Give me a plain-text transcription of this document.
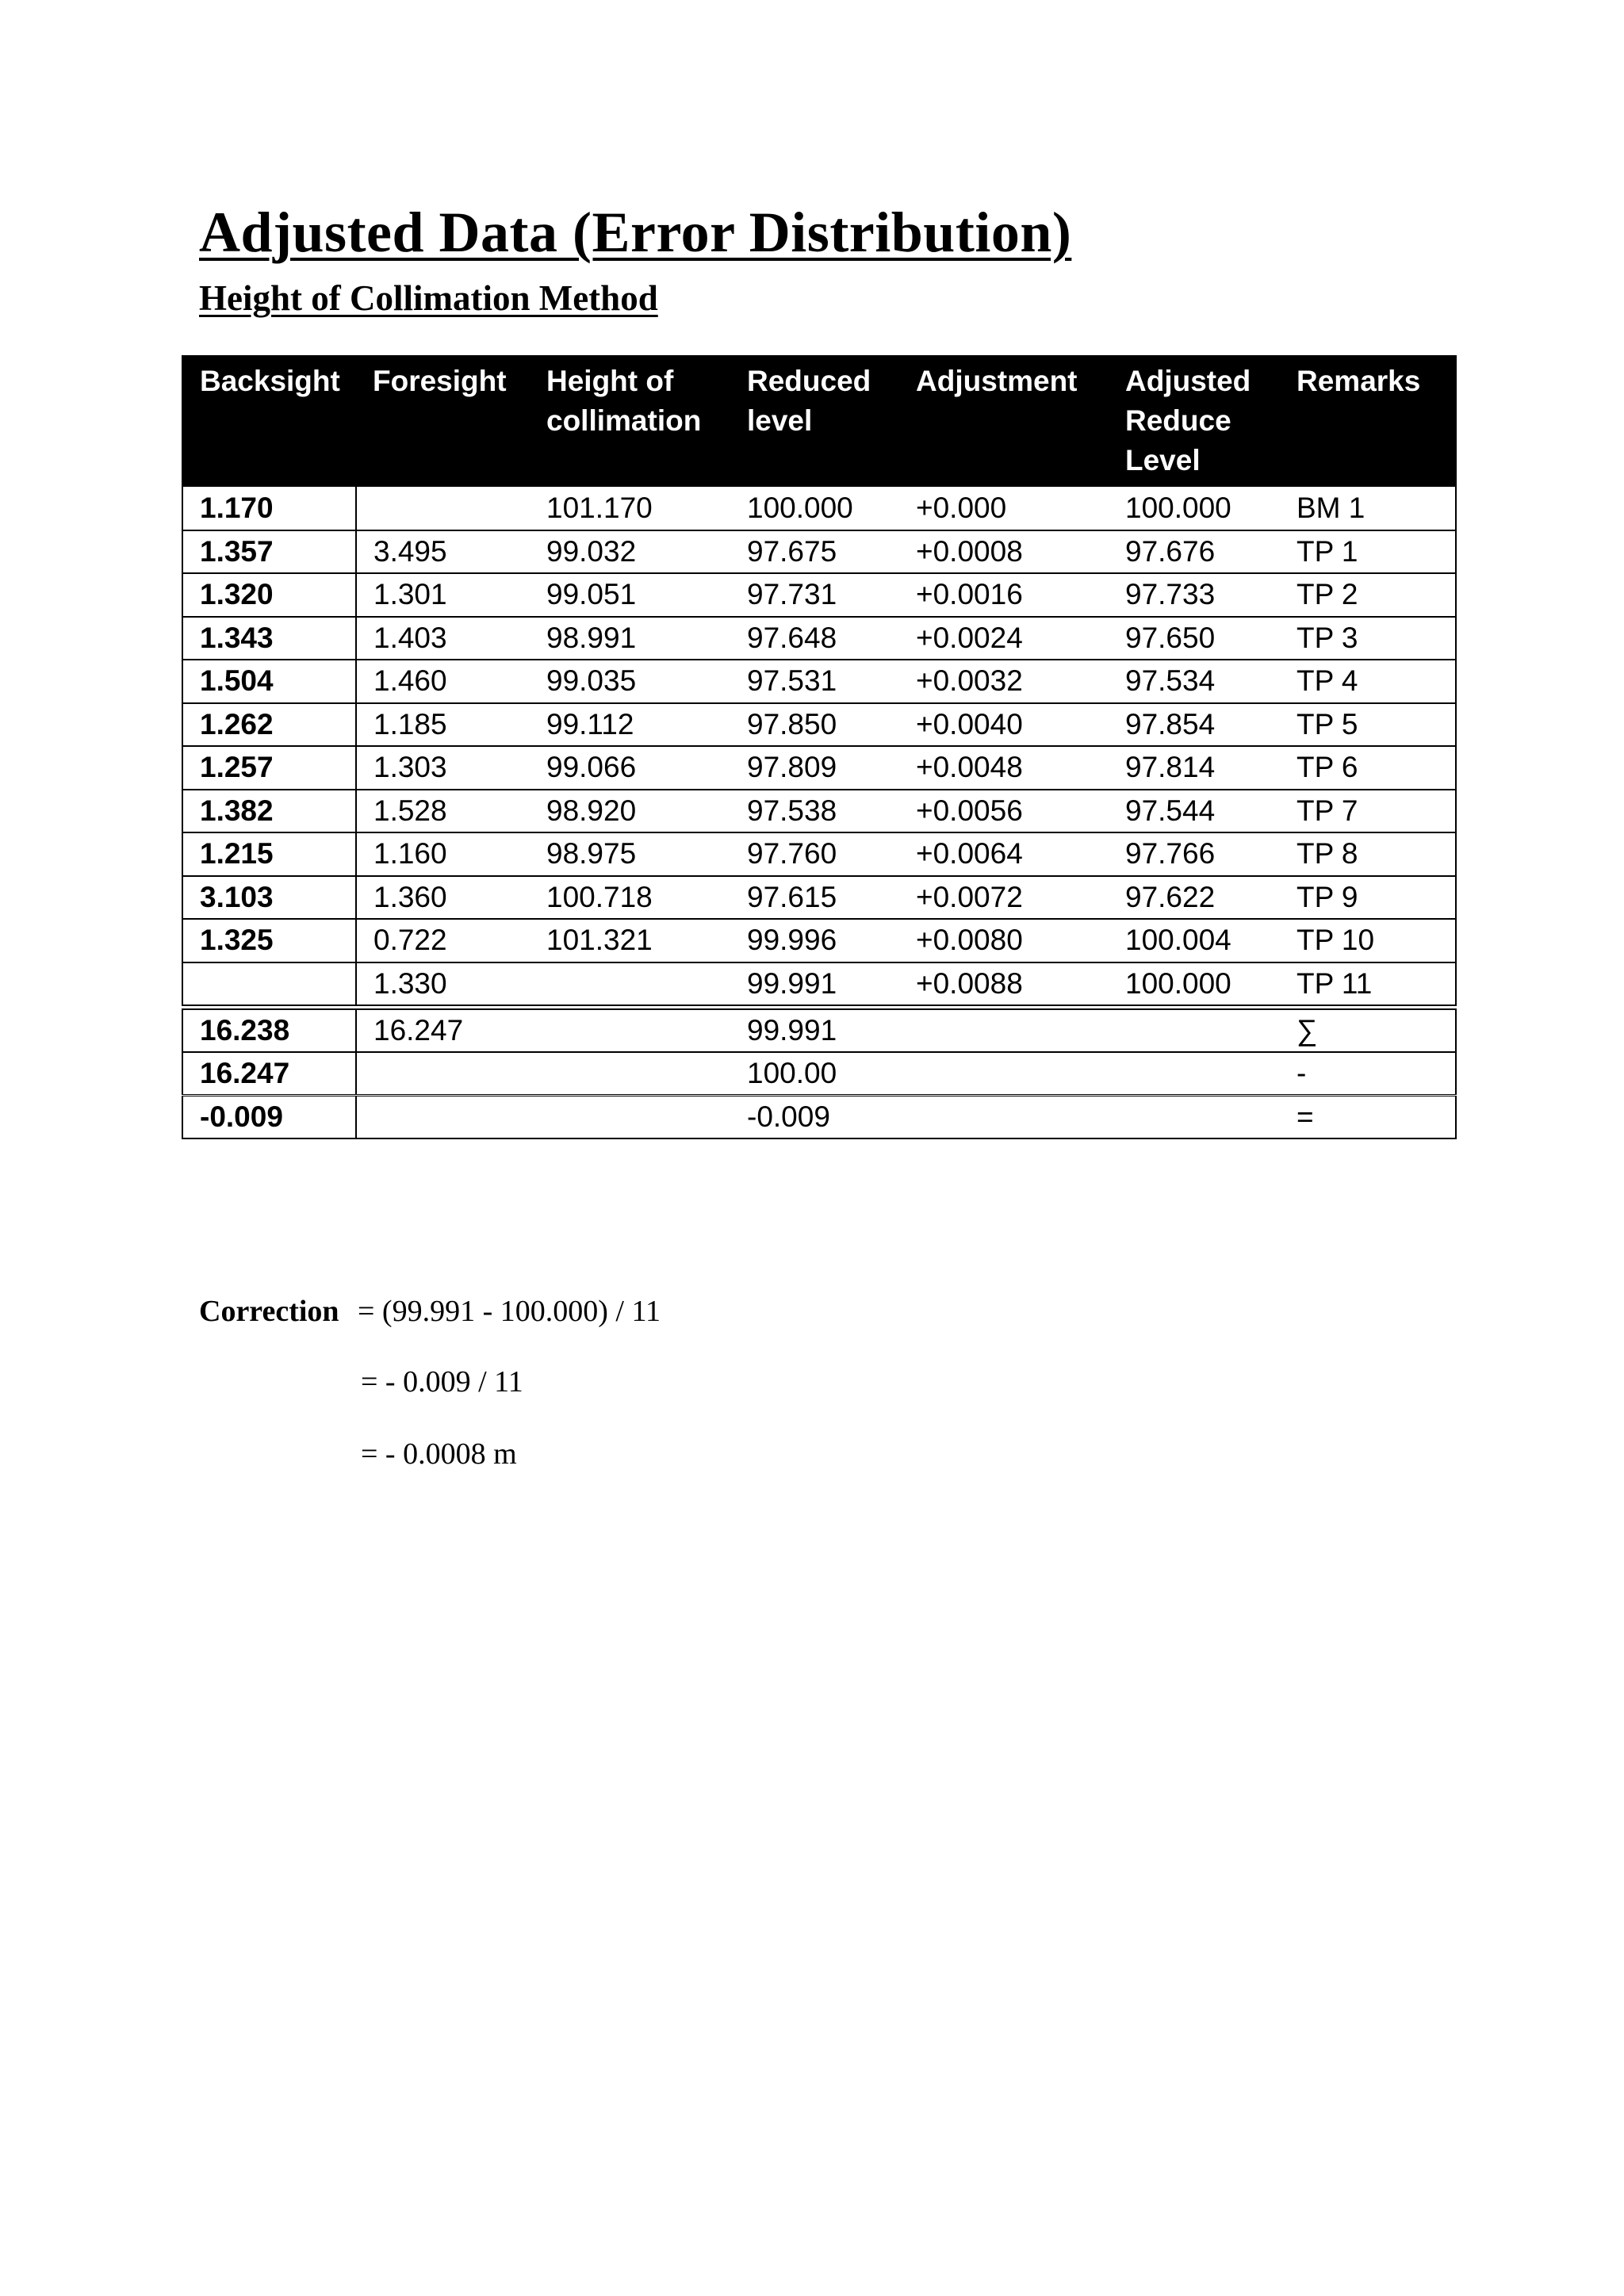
Adjusted Data (Error Distribution)
Height of Collimation Method
Backsight	Foresight	Height of collimation	Reduced level	Adjustment	Adjusted Reduce Level	Remarks
1.170		101.170	100.000	+0.000	100.000	BM 1
1.357	3.495	99.032	97.675	+0.0008	97.676	TP 1
1.320	1.301	99.051	97.731	+0.0016	97.733	TP 2
1.343	1.403	98.991	97.648	+0.0024	97.650	TP 3
1.504	1.460	99.035	97.531	+0.0032	97.534	TP 4
1.262	1.185	99.112	97.850	+0.0040	97.854	TP 5
1.257	1.303	99.066	97.809	+0.0048	97.814	TP 6
1.382	1.528	98.920	97.538	+0.0056	97.544	TP 7
1.215	1.160	98.975	97.760	+0.0064	97.766	TP 8
3.103	1.360	100.718	97.615	+0.0072	97.622	TP 9
1.325	0.722	101.321	99.996	+0.0080	100.004	TP 10
	1.330		99.991	+0.0088	100.000	TP 11
16.238	16.247		99.991			∑
16.247			100.00			-
-0.009			-0.009			=
Correction = (99.991 - 100.000) / 11
= - 0.009 / 11
= - 0.0008 m
